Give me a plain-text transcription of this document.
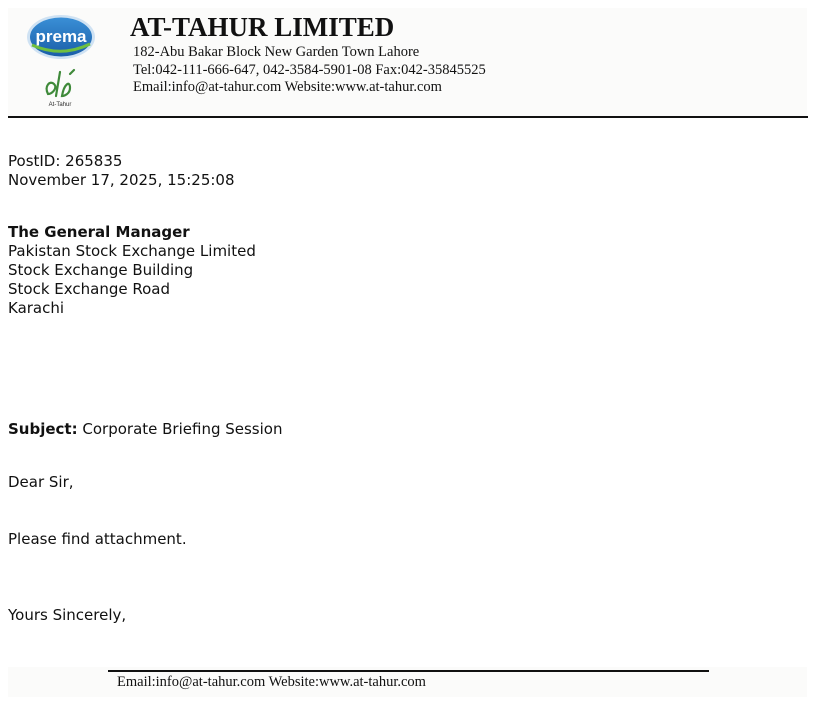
prema
At-Tahur
AT-TAHUR LIMITED
182-Abu Bakar Block New Garden Town Lahore
Tel:042-111-666-647, 042-3584-5901-08 Fax:042-35845525
Email:info@at-tahur.com Website:www.at-tahur.com
PostID: 265835
November 17, 2025, 15:25:08
The General Manager
Pakistan Stock Exchange Limited
Stock Exchange Building
Stock Exchange Road
Karachi
Subject: Corporate Briefing Session
Dear Sir,
Please find attachment.
Yours Sincerely,
Email:info@at-tahur.com Website:www.at-tahur.com
